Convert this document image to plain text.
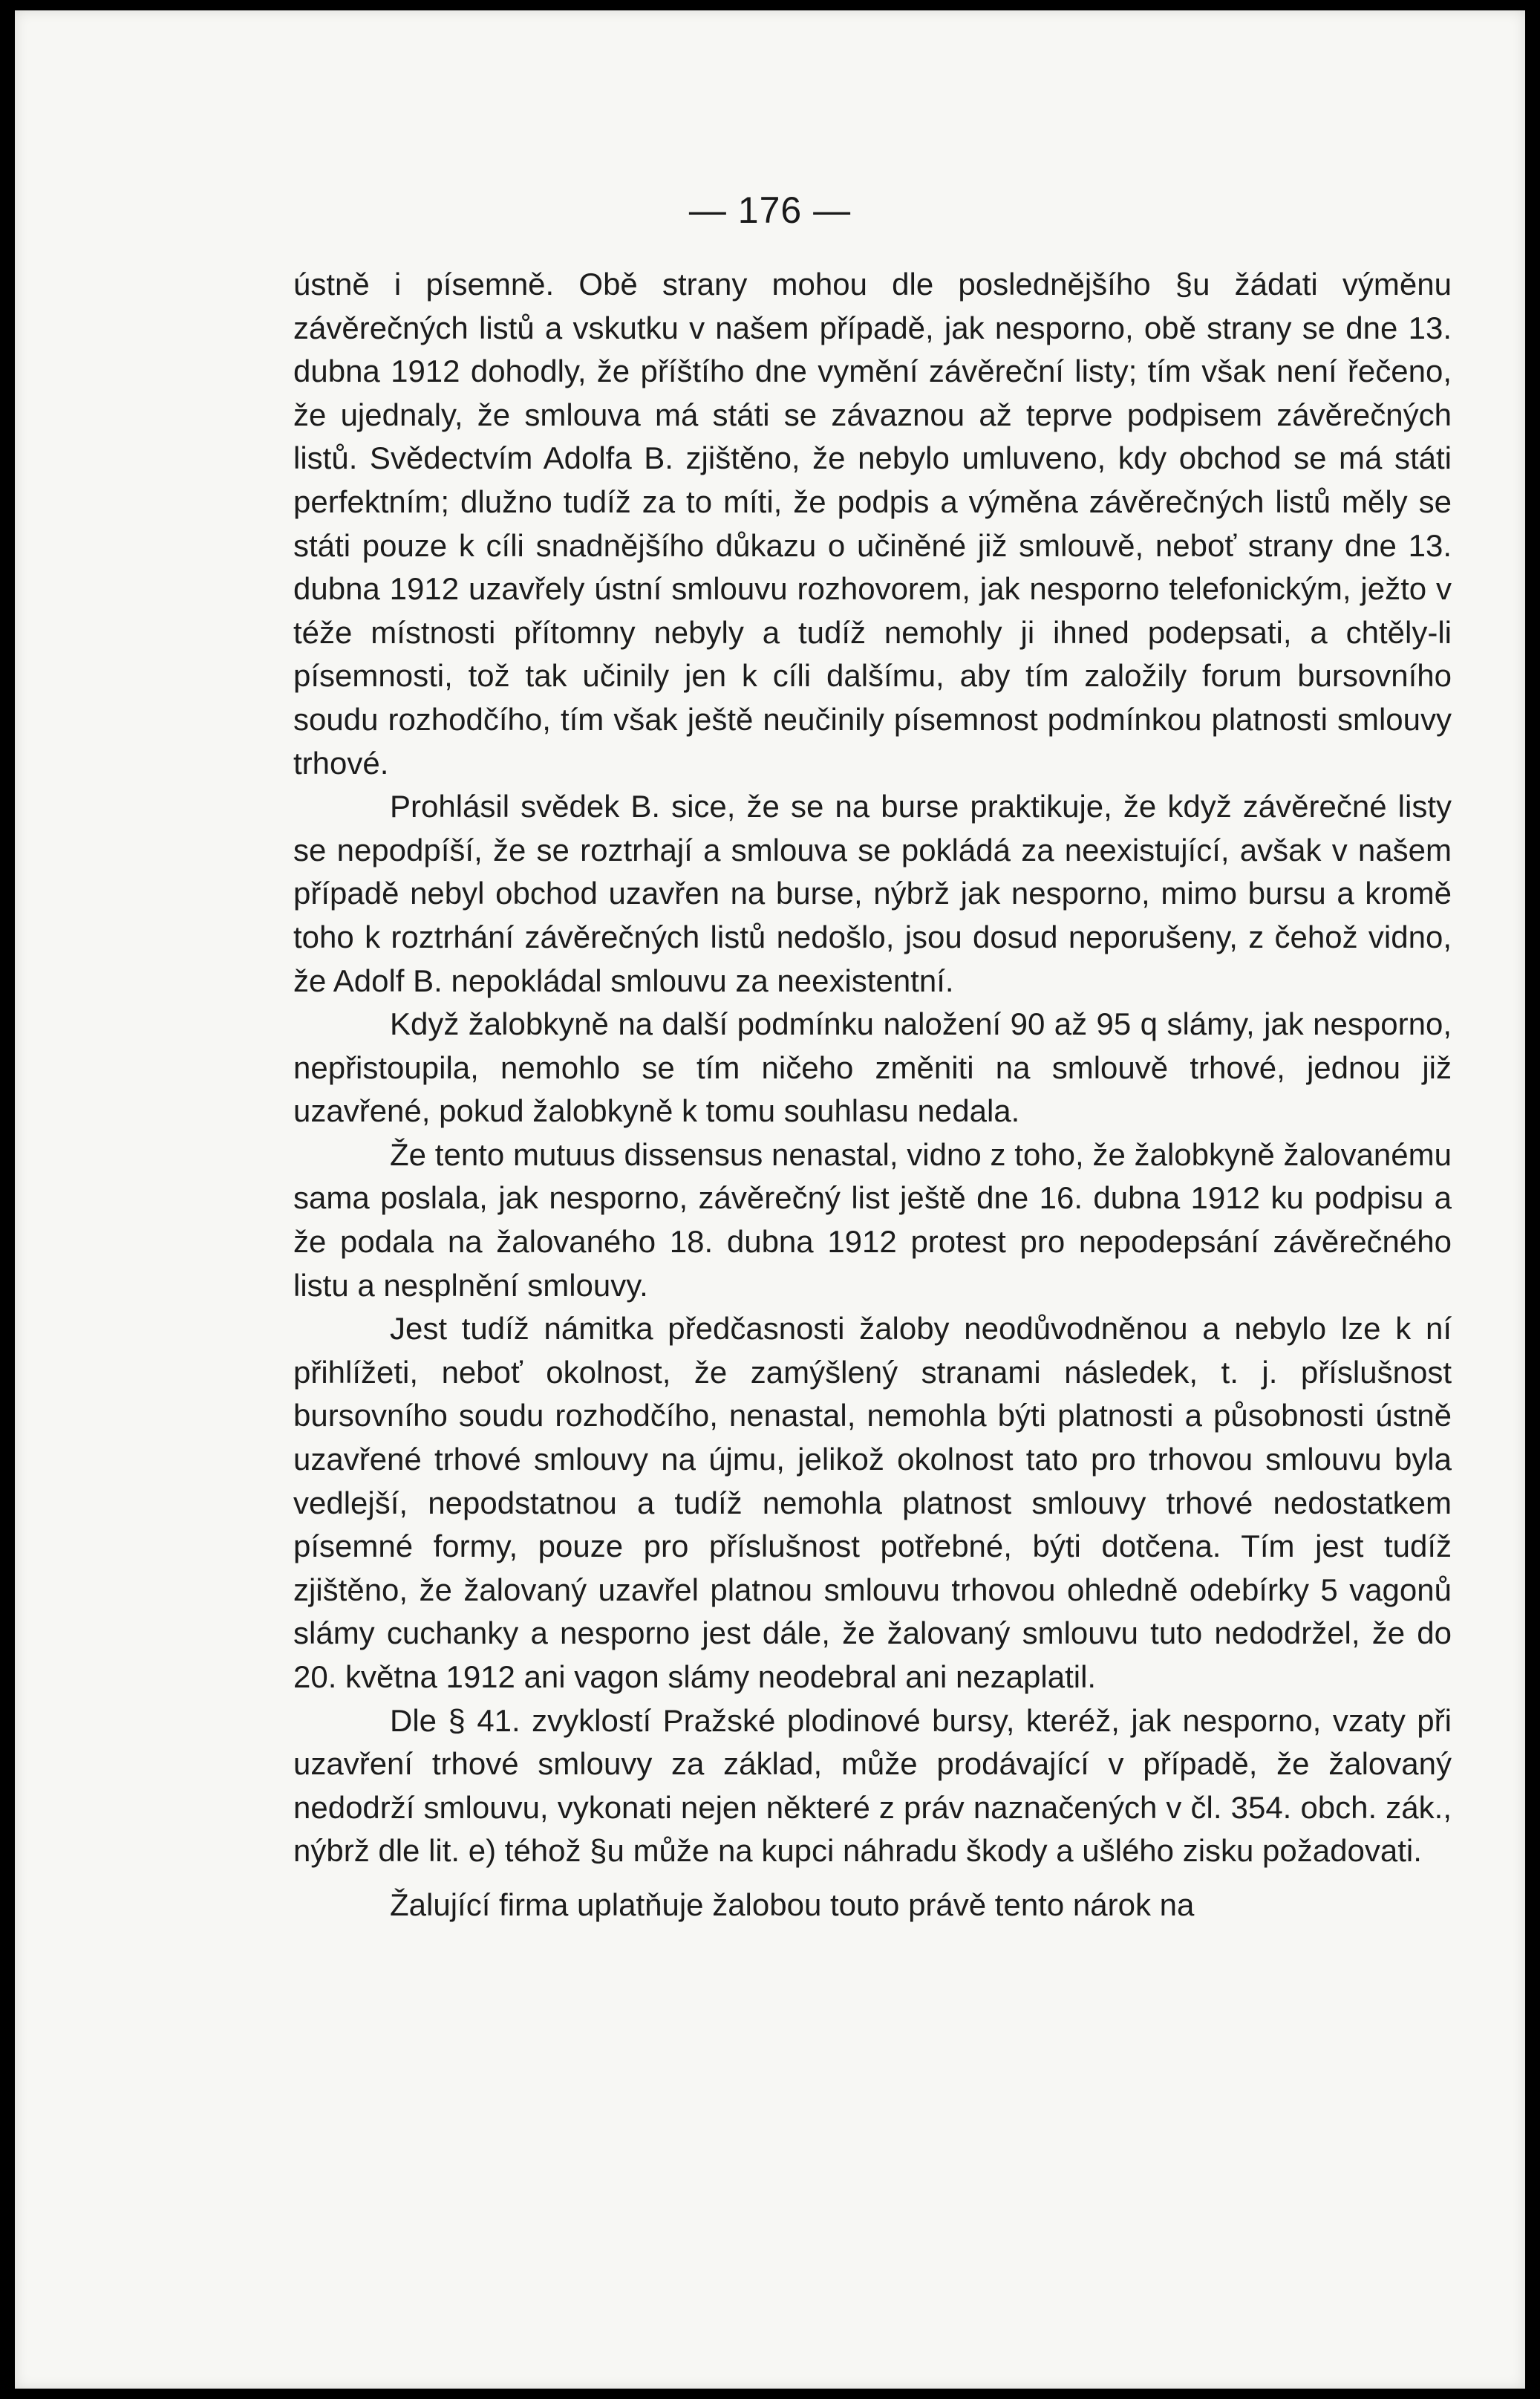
— 176 —

ústně i písemně. Obě strany mohou dle poslednějšího §u žádati výměnu závěrečných listů a vskutku v našem případě, jak nesporno, obě strany se dne 13. dubna 1912 dohodly, že příštího dne vymění závěreční listy; tím však není řečeno, že ujednaly, že smlouva má státi se závaznou až teprve podpisem závěrečných listů. Svědectvím Adolfa B. zjištěno, že nebylo umluveno, kdy obchod se má státi perfektním; dlužno tudíž za to míti, že podpis a výměna závěrečných listů měly se státi pouze k cíli snadnějšího důkazu o učiněné již smlouvě, neboť strany dne 13. dubna 1912 uzavřely ústní smlouvu rozhovorem, jak nesporno telefonickým, ježto v téže místnosti přítomny nebyly a tudíž nemohly ji ihned podepsati, a chtěly-li písemnosti, tož tak učinily jen k cíli dalšímu, aby tím založily forum bursovního soudu rozhodčího, tím však ještě neučinily písemnost podmínkou platnosti smlouvy trhové.

Prohlásil svědek B. sice, že se na burse praktikuje, že když závěrečné listy se nepodpíší, že se roztrhají a smlouva se pokládá za neexistující, avšak v našem případě nebyl obchod uzavřen na burse, nýbrž jak nesporno, mimo bursu a kromě toho k roztrhání závěrečných listů nedošlo, jsou dosud neporušeny, z čehož vidno, že Adolf B. nepokládal smlouvu za neexistentní.

Když žalobkyně na další podmínku naložení 90 až 95 q slámy, jak nesporno, nepřistoupila, nemohlo se tím ničeho změniti na smlouvě trhové, jednou již uzavřené, pokud žalobkyně k tomu souhlasu nedala.

Že tento mutuus dissensus nenastal, vidno z toho, že žalobkyně žalovanému sama poslala, jak nesporno, závěrečný list ještě dne 16. dubna 1912 ku podpisu a že podala na žalovaného 18. dubna 1912 protest pro nepodepsání závěrečného listu a nesplnění smlouvy.

Jest tudíž námitka předčasnosti žaloby neodůvodněnou a nebylo lze k ní přihlížeti, neboť okolnost, že zamýšlený stranami následek, t. j. příslušnost bursovního soudu rozhodčího, nenastal, nemohla býti platnosti a působnosti ústně uzavřené trhové smlouvy na újmu, jelikož okolnost tato pro trhovou smlouvu byla vedlejší, nepodstatnou a tudíž nemohla platnost smlouvy trhové nedostatkem písemné formy, pouze pro příslušnost potřebné, býti dotčena. Tím jest tudíž zjištěno, že žalovaný uzavřel platnou smlouvu trhovou ohledně odebírky 5 vagonů slámy cuchanky a nesporno jest dále, že žalovaný smlouvu tuto nedodržel, že do 20. května 1912 ani vagon slámy neodebral ani nezaplatil.

Dle § 41. zvyklostí Pražské plodinové bursy, kteréž, jak nesporno, vzaty při uzavření trhové smlouvy za základ, může prodávající v případě, že žalovaný nedodrží smlouvu, vykonati nejen některé z práv naznačených v čl. 354. obch. zák., nýbrž dle lit. e) téhož §u může na kupci náhradu škody a ušlého zisku požadovati.

Žalující firma uplatňuje žalobou touto právě tento nárok na
